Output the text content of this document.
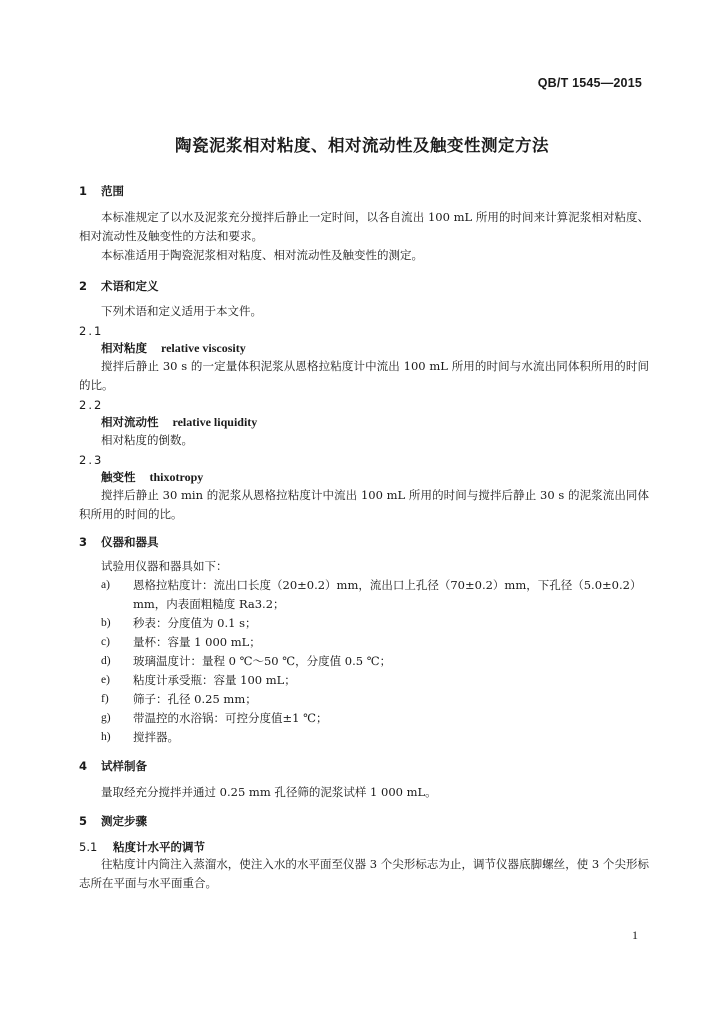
QB/T 1545—2015
陶瓷泥浆相对粘度、相对流动性及触变性测定方法
1	范围
本标准规定了以水及泥浆充分搅拌后静止一定时间，以各自流出 100 mL 所用的时间来计算泥浆相对粘度、相对流动性及触变性的方法和要求。
本标准适用于陶瓷泥浆相对粘度、相对流动性及触变性的测定。
2	术语和定义
下列术语和定义适用于本文件。
2.1
相对粘度 relative viscosity
搅拌后静止 30 s 的一定量体积泥浆从恩格拉粘度计中流出 100 mL 所用的时间与水流出同体积所用的时间的比。
2.2
相对流动性 relative liquidity
相对粘度的倒数。
2.3
触变性 thixotropy
搅拌后静止 30 min 的泥浆从恩格拉粘度计中流出 100 mL 所用的时间与搅拌后静止 30 s 的泥浆流出同体积所用的时间的比。
3	仪器和器具
试验用仪器和器具如下：
a)	恩格拉粘度计：流出口长度（20±0.2）mm，流出口上孔径（70±0.2）mm，下孔径（5.0±0.2）mm，内表面粗糙度 Ra3.2；
b)	秒表：分度值为 0.1 s；
c)	量杯：容量 1 000 mL；
d)	玻璃温度计：量程 0 ℃～50 ℃，分度值 0.5 ℃；
e)	粘度计承受瓶：容量 100 mL；
f)	筛子：孔径 0.25 mm；
g)	带温控的水浴锅：可控分度值±1 ℃；
h)	搅拌器。
4	试样制备
量取经充分搅拌并通过 0.25 mm 孔径筛的泥浆试样 1 000 mL。
5	测定步骤
5.1	粘度计水平的调节
往粘度计内筒注入蒸溜水，使注入水的水平面至仪器 3 个尖形标志为止，调节仪器底脚螺丝，使 3 个尖形标志所在平面与水平面重合。
1
